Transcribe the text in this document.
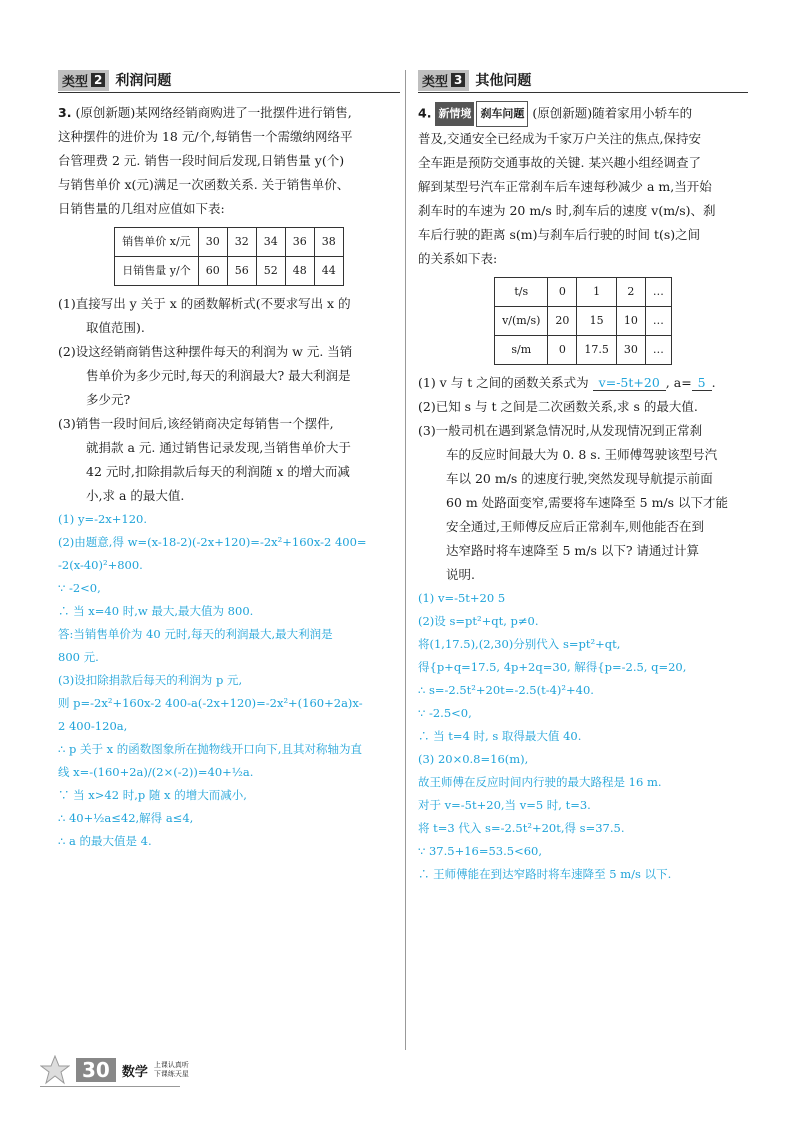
类型 2 利润问题

3. (原创新题)某网络经销商购进了一批摆件进行销售,

这种摆件的进价为 18 元/个,每销售一个需缴纳网络平

台管理费 2 元. 销售一段时间后发现,日销售量 y(个)

与销售单价 x(元)满足一次函数关系. 关于销售单价、

日销售量的几组对应值如下表:

销售单价 x/元	30	32	34	36	38
日销售量 y/个	60	56	52	48	44

(1)直接写出 y 关于 x 的函数解析式(不要求写出 x 的

取值范围).

(2)设这经销商销售这种摆件每天的利润为 w 元. 当销

售单价为多少元时,每天的利润最大? 最大利润是

多少元?

(3)销售一段时间后,该经销商决定每销售一个摆件,

就捐款 a 元. 通过销售记录发现,当销售单价大于

42 元时,扣除捐款后每天的利润随 x 的增大而减

小,求 a 的最大值.

(1) y=-2x+120.

(2)由题意,得 w=(x-18-2)(-2x+120)=-2x²+160x-2 400=

-2(x-40)²+800.

∵ -2<0,

∴ 当 x=40 时,w 最大,最大值为 800.

答:当销售单价为 40 元时,每天的利润最大,最大利润是

800 元.

(3)设扣除捐款后每天的利润为 p 元,

则 p=-2x²+160x-2 400-a(-2x+120)=-2x²+(160+2a)x-

2 400-120a,

∴ p 关于 x 的函数图象所在抛物线开口向下,且其对称轴为直

线 x=-(160+2a)/(2×(-2))=40+½a.

∵ 当 x>42 时,p 随 x 的增大而减小,

∴ 40+½a≤42,解得 a≤4,

∴ a 的最大值是 4.

类型 3 其他问题

4. 新情境 刹车问题 (原创新题)随着家用小轿车的

普及,交通安全已经成为千家万户关注的焦点,保持安

全车距是预防交通事故的关键. 某兴趣小组经调查了

解到某型号汽车正常刹车后车速每秒减少 a m,当开始

刹车时的车速为 20 m/s 时,刹车后的速度 v(m/s)、刹

车后行驶的距离 s(m)与刹车后行驶的时间 t(s)之间

的关系如下表:

t/s	0	1	2	…
v/(m/s)	20	15	10	…
s/m	0	17.5	30	…

(1) v 与 t 之间的函数关系式为 v=-5t+20 , a= 5 .

(2)已知 s 与 t 之间是二次函数关系,求 s 的最大值.

(3)一般司机在遇到紧急情况时,从发现情况到正常刹

车的反应时间最大为 0. 8 s. 王师傅驾驶该型号汽

车以 20 m/s 的速度行驶,突然发现导航提示前面

60 m 处路面变窄,需要将车速降至 5 m/s 以下才能

安全通过,王师傅反应后正常刹车,则他能否在到

达窄路时将车速降至 5 m/s 以下? 请通过计算

说明.

(1) v=-5t+20 5

(2)设 s=pt²+qt, p≠0.

将(1,17.5),(2,30)分别代入 s=pt²+qt,

得{p+q=17.5, 4p+2q=30, 解得{p=-2.5, q=20,

∴ s=-2.5t²+20t=-2.5(t-4)²+40.

∵ -2.5<0,

∴ 当 t=4 时, s 取得最大值 40.

(3) 20×0.8=16(m),

故王师傅在反应时间内行驶的最大路程是 16 m.

对于 v=-5t+20,当 v=5 时, t=3.

将 t=3 代入 s=-2.5t²+20t,得 s=37.5.

∵ 37.5+16=53.5<60,

∴ 王师傅能在到达窄路时将车速降至 5 m/s 以下.

30 数学 上课认真听
下课练天星
